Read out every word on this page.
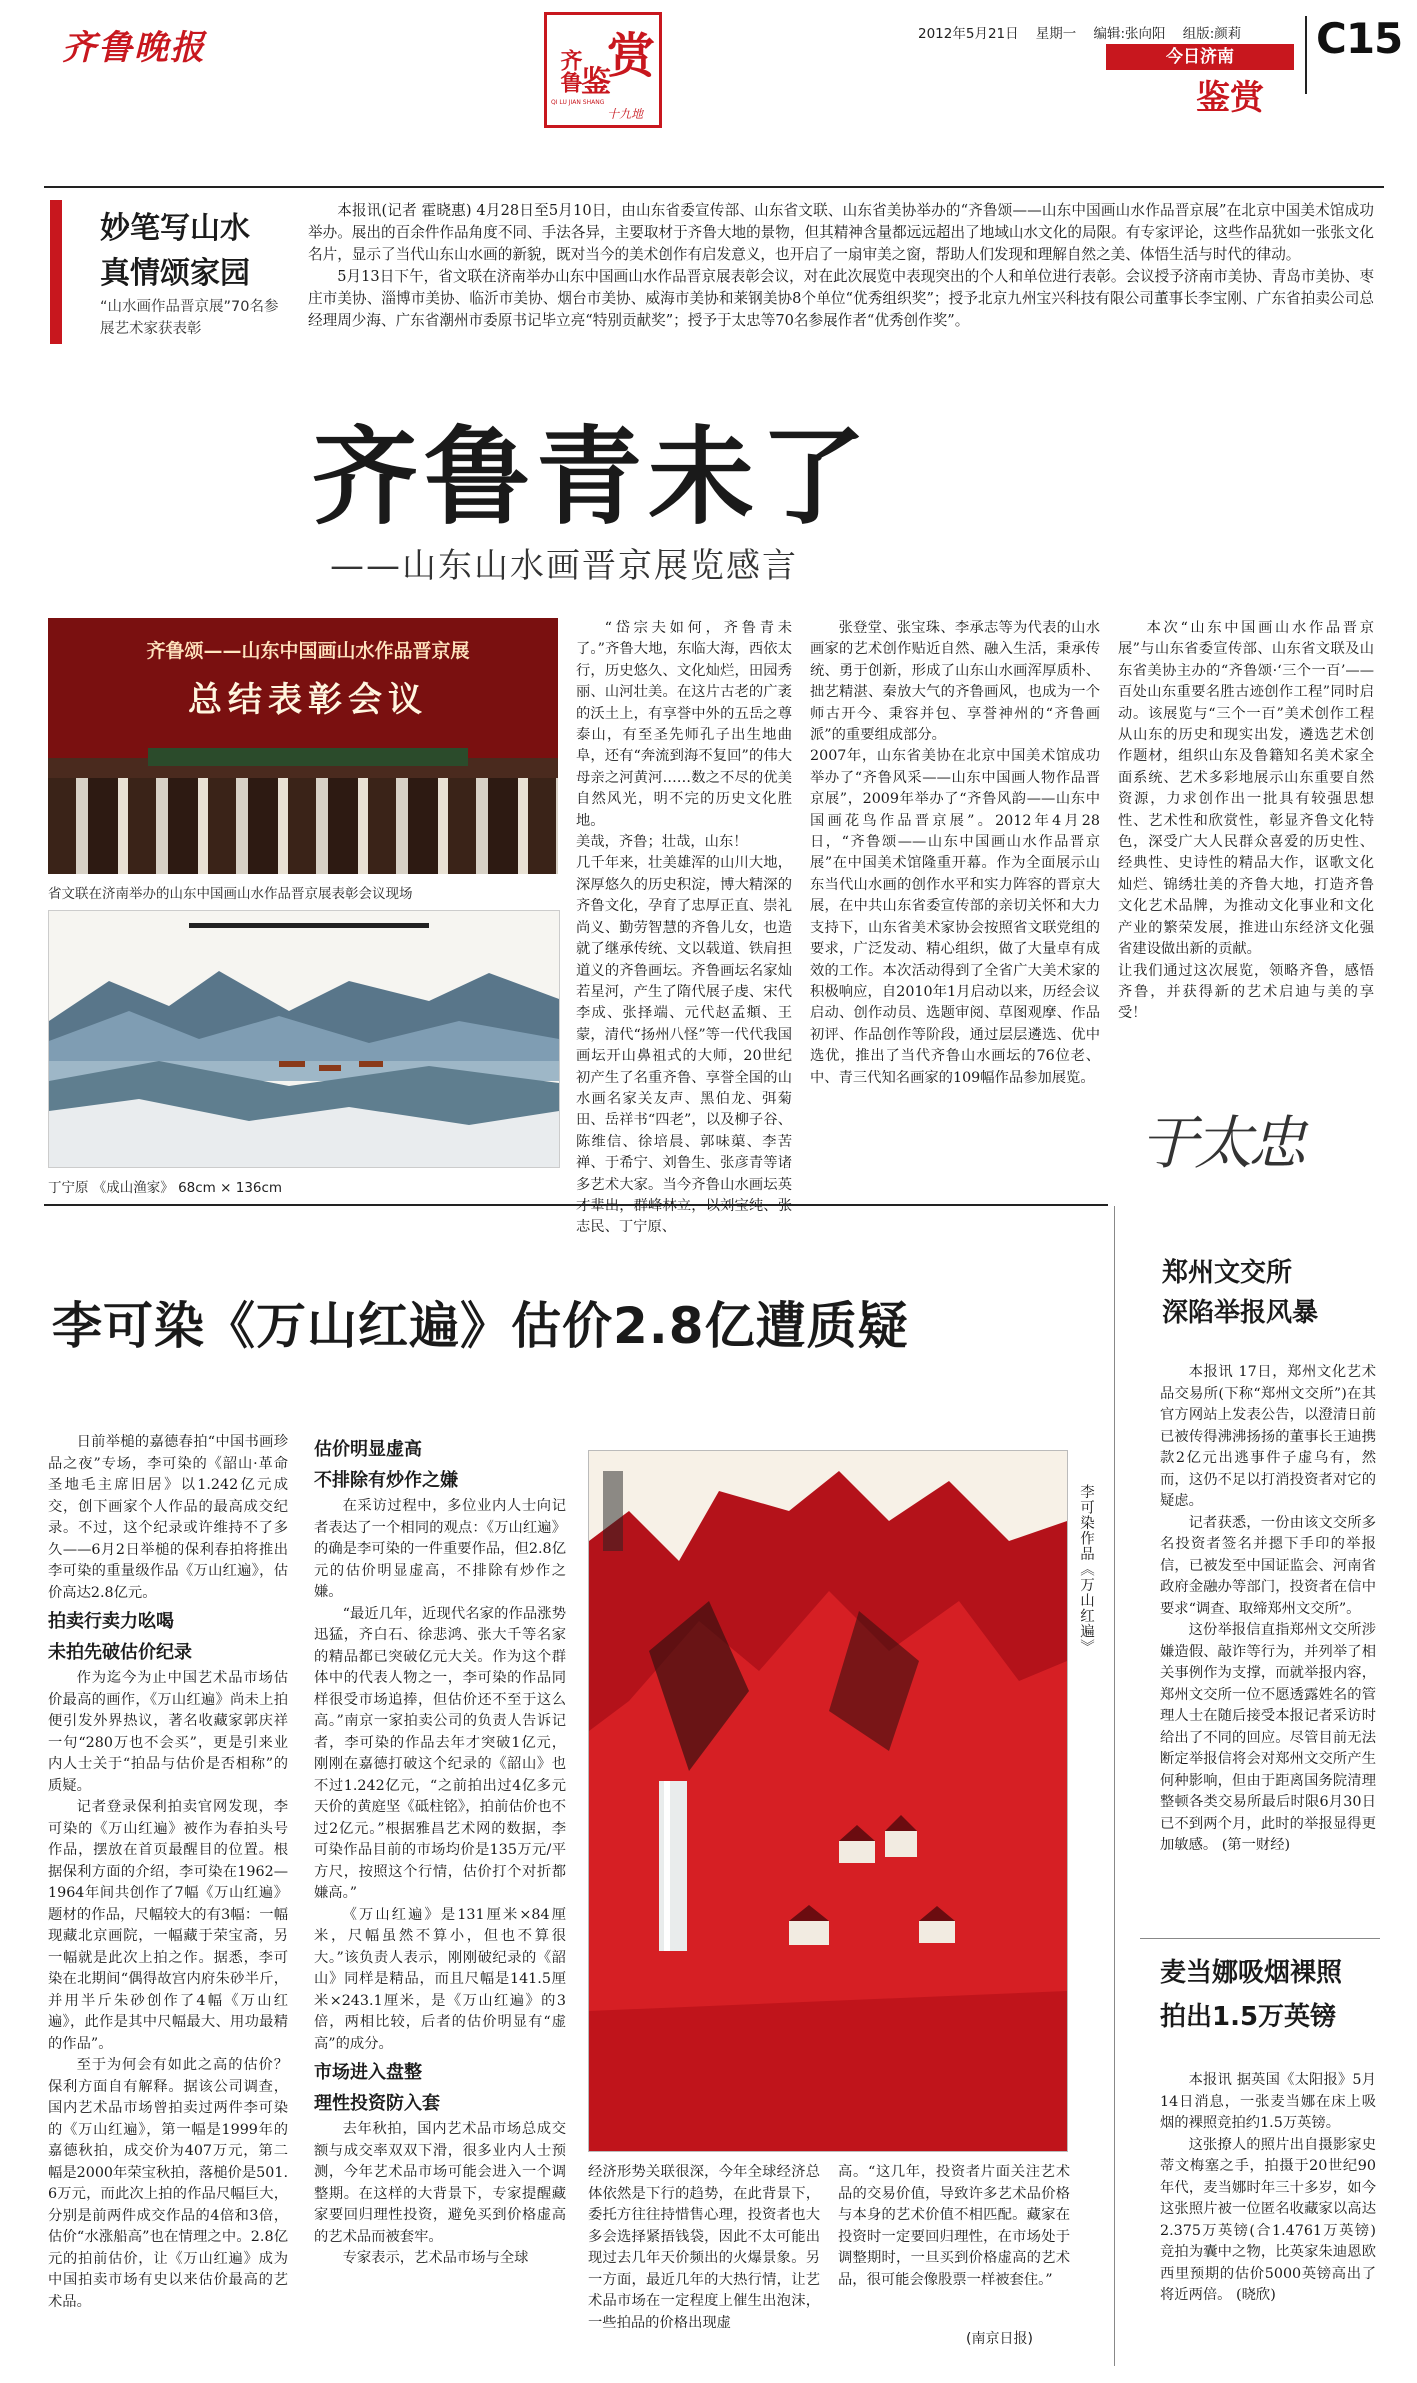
齐鲁晚报	齐鲁
鉴
赏
QI LU JIAN SHANG
十九地
2012年5月21日 星期一 编辑:张向阳 组版:颜莉 C15
今日济南
鉴赏
妙笔写山水
真情颂家园
“山水画作品晋京展”70名参展艺术家获表彰

本报讯(记者 霍晓惠) 4月28日至5月10日，由山东省委宣传部、山东省文联、山东省美协举办的“齐鲁颂——山东中国画山水作品晋京展”在北京中国美术馆成功举办。展出的百余件作品角度不同、手法各异，主要取材于齐鲁大地的景物，但其精神含量都远远超出了地域山水文化的局限。有专家评论，这些作品犹如一张张文化名片，显示了当代山东山水画的新貌，既对当今的美术创作有启发意义，也开启了一扇审美之窗，帮助人们发现和理解自然之美、体悟生活与时代的律动。

5月13日下午，省文联在济南举办山东中国画山水作品晋京展表彰会议，对在此次展览中表现突出的个人和单位进行表彰。会议授予济南市美协、青岛市美协、枣庄市美协、淄博市美协、临沂市美协、烟台市美协、威海市美协和莱钢美协8个单位“优秀组织奖”；授予北京九州宝兴科技有限公司董事长李宝刚、广东省拍卖公司总经理周少海、广东省潮州市委原书记毕立亮“特别贡献奖”；授予于太忠等70名参展作者“优秀创作奖”。

齐鲁青未了
——山东山水画晋京展览感言
齐鲁颂——山东中国画山水作品晋京展
总结表彰会议
省文联在济南举办的山东中国画山水作品晋京展表彰会议现场
丁宁原 《成山渔家》 68cm × 136cm
“岱宗夫如何，齐鲁青未了。”齐鲁大地，东临大海，西依太行，历史悠久、文化灿烂，田园秀丽、山河壮美。在这片古老的广袤的沃土上，有享誉中外的五岳之尊泰山，有至圣先师孔子出生地曲阜，还有“奔流到海不复回”的伟大母亲之河黄河……数之不尽的优美自然风光，明不完的历史文化胜地。
美哉，齐鲁；壮哉，山东！
几千年来，壮美雄浑的山川大地，深厚悠久的历史积淀，博大精深的齐鲁文化，孕育了忠厚正直、崇礼尚义、勤劳智慧的齐鲁儿女，也造就了继承传统、文以载道、铁肩担道义的齐鲁画坛。齐鲁画坛名家灿若星河，产生了隋代展子虔、宋代李成、张择端、元代赵孟頫、王蒙，清代“扬州八怪”等一代代我国画坛开山鼻祖式的大师，20世纪初产生了名重齐鲁、享誉全国的山水画名家关友声、黑伯龙、弭菊田、岳祥书“四老”，以及柳子谷、陈维信、徐培晨、郭味蕖、李苦禅、于希宁、刘鲁生、张彦青等诸多艺术大家。当今齐鲁山水画坛英 志民、丁宁原、
张登堂、张宝珠、李承志等为代表的山水画家的艺术创作贴近自然、融入生活，秉承传统、勇于创新，形成了山东山水画浑厚质朴、拙艺精湛、秦放大气的齐鲁画风，也成为一个师古开今、秉容并包、享誉神州的“齐鲁画派”的重要组成部分。
2007年，山东省美协在北京中国美术馆成功举办了“齐鲁风采——山东中国画人物作品晋京展”，2009年举办了“齐鲁风韵——山东中国画花鸟作品晋京展”。2012年4月28日，“齐鲁颂——山东中国画山水作品晋京展”在中国美术馆隆重开幕。作为全面展示山东当代山水画的创作水平和实力阵容的晋京大展，在中共山东省委宣传部的亲切关怀和大力支持下，山东省美术家协会按照省文联党组的要求，广泛发动、精心组织，做了大量卓有成效的工作。本次活动得到了全省广大美术家的积极响应，自2010年1月启动以来，历经会议启动、创作动员、选题审阅、草图观摩、作品初评、作品创作等阶段，通过层层遴选、优中选优，推出了当代齐鲁山水画坛的76位老、中、青三代知名画家的109幅作品参加展览。
本次“山东中国画山水作品晋京展”与山东省委宣传部、山东省文联及山东省美协主办的“齐鲁颂·‘三个一百’——百处山东重要名胜古迹创作工程”同时启动。该展览与“三个一百”美术创作工程从山东的历史和现实出发，遴选艺术创作题材，组织山东及鲁籍知名美术家全面系统、艺术多彩地展示山东重要自然资源，力求创作出一批具有较强思想性、艺术性和欣赏性，彰显齐鲁文化特色，深受广大人民群众喜爱的历史性、经典性、史诗性的精品大作，讴歌文化灿烂、锦绣壮美的齐鲁大地，打造齐鲁文化艺术品牌，为推动文化事业和文化产业的繁荣发展，推进山东经济文化强省建设做出新的贡献。
让我们通过这次展览，领略齐鲁，感悟齐鲁，并获得新的艺术启迪与美的享受！
于太忠
李可染《万山红遍》估价2.8亿遭质疑

日前举槌的嘉德春拍“中国书画珍品之夜”专场，李可染的《韶山·革命圣地毛主席旧居》以1.242亿元成交，创下画家个人作品的最高成交纪录。不过，这个纪录或许维持不了多久——6月2日举槌的保利春拍将推出李可染的重量级作品《万山红遍》，估价高达2.8亿元。

拍卖行卖力吆喝
未拍先破估价纪录

作为迄今为止中国艺术品市场估价最高的画作，《万山红遍》尚未上拍便引发外界热议，著名收藏家郭庆祥一句“280万也不会买”，更是引来业内人士关于“拍品与估价是否相称”的质疑。

记者登录保利拍卖官网发现，李可染的《万山红遍》被作为春拍头号作品，摆放在首页最醒目的位置。根据保利方面的介绍，李可染在1962—1964年间共创作了7幅《万山红遍》题材的作品，尺幅较大的有3幅：一幅现藏北京画院，一幅藏于荣宝斋，另一幅就是此次上拍之作。据悉，李可染在北期间“偶得故宫内府朱砂半斤，并用半斤朱砂创作了4幅《万山红遍》，此作是其中尺幅最大、用功最精的作品”。

至于为何会有如此之高的估价？保利方面自有解释。据该公司调查，国内艺术品市场曾拍卖过两件李可染的《万山红遍》，第一幅是1999年的嘉德秋拍，成交价为407万元，第二幅是2000年荣宝秋拍，落槌价是501.6万元，而此次上拍的作品尺幅巨大，分别是前两件成交作品的4倍和3倍，估价“水涨船高”也在情理之中。2.8亿元的拍前估价，让《万山红遍》成为中国拍卖市场有史以来估价最高的艺术品。

估价明显虚高
不排除有炒作之嫌

在采访过程中，多位业内人士向记者表达了一个相同的观点：《万山红遍》的确是李可染的一件重要作品，但2.8亿元的估价明显虚高，不排除有炒作之嫌。

“最近几年，近现代名家的作品涨势迅猛，齐白石、徐悲鸿、张大千等名家的精品都已突破亿元大关。作为这个群体中的代表人物之一，李可染的作品同样很受市场追捧，但估价还不至于这么高。”南京一家拍卖公司的负责人告诉记者，李可染的作品去年才突破1亿元，刚刚在嘉德打破这个纪录的《韶山》也不过1.242亿元，“之前拍出过4亿多元天价的黄庭坚《砥柱铭》，拍前估价也不过2亿元。”根据雅昌艺术网的数据，李可染作品目前的市场均价是135万元/平方尺，按照这个行情，估价打个对折都嫌高。”

《万山红遍》是131厘米×84厘米，尺幅虽然不算小，但也不算很大。”该负责人表示，刚刚破纪录的《韶山》同样是精品，而且尺幅是141.5厘米×243.1厘米，是《万山红遍》的3倍，两相比较，后者的估价明显有“虚高”的成分。

市场进入盘整
理性投资防入套

去年秋拍，国内艺术品市场总成交额与成交率双双下滑，很多业内人士预测，今年艺术品市场可能会进入一个调整期。在这样的大背景下，专家提醒藏家要回归理性投资，避免买到价格虚高的艺术品而被套牢。

专家表示，艺术品市场与全球

李可染作品《万山红遍》
经济形势关联很深，今年全球经济总体依然是下行的趋势，在此背景下，委托方往往持惜售心理，投资者也大多会选择紧捂钱袋，因此不太可能出现过去几年天价频出的火爆景象。另一方面，最近几年的大热行情，让艺术品市场在一定程度上催生出泡沫，一些拍品的价格出现虚
高。“这几年，投资者片面关注艺术品的交易价值，导致许多艺术品价格与本身的艺术价值不相匹配。藏家在投资时一定要回归理性，在市场处于调整期时，一旦买到价格虚高的艺术品，很可能会像股票一样被套住。”
(南京日报)
郑州文交所
深陷举报风暴

本报讯 17日，郑州文化艺术品交易所(下称“郑州文交所”)在其官方网站上发表公告，以澄清日前已被传得沸沸扬扬的董事长王迪携款2亿元出逃事件子虚乌有，然而，这仍不足以打消投资者对它的疑虑。

记者获悉，一份由该文交所多名投资者签名并摁下手印的举报信，已被发至中国证监会、河南省政府金融办等部门，投资者在信中要求“调查、取缔郑州文交所”。

这份举报信直指郑州文交所涉嫌造假、敲诈等行为，并列举了相关事例作为支撑，而就举报内容，郑州文交所一位不愿透露姓名的管理人士在随后接受本报记者采访时给出了不同的回应。尽管目前无法断定举报信将会对郑州文交所产生何种影响，但由于距离国务院清理整顿各类交易所最后时限6月30日已不到两个月，此时的举报显得更加敏感。 (第一财经)

麦当娜吸烟裸照
拍出1.5万英镑

本报讯 据英国《太阳报》5月14日消息，一张麦当娜在床上吸烟的裸照竞拍约1.5万英镑。

这张撩人的照片出自摄影家史蒂文梅塞之手，拍摄于20世纪90年代，麦当娜时年三十多岁，如今这张照片被一位匿名收藏家以高达2.375万英镑(合1.4761万英镑)竞拍为囊中之物，比英家朱迪恩欧西里预期的估价5000英镑高出了将近两倍。 (晓欣)
